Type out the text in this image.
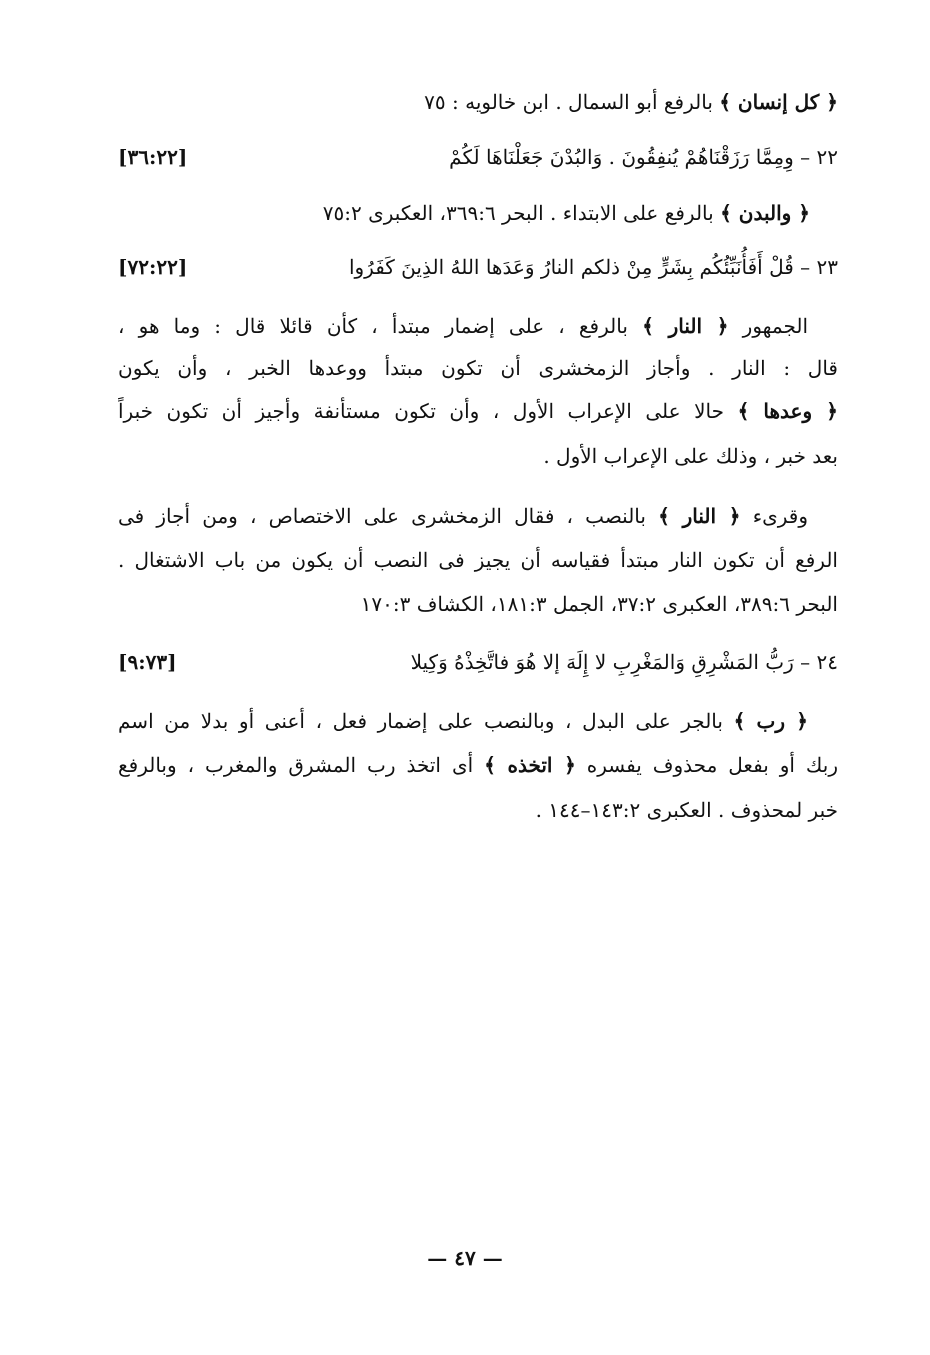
﴿ كل إنسان ﴾ بالرفع أبو السمال . ابن خالويه : ٧٥
٢٢ – وِمِمَّا رَزَقْنَاهُمْ يُنفِقُونَ . وَالبُدْنَ جَعَلْنَاهَا لَكُمْ
[٣٦:٢٢]
﴿ والبدن ﴾ بالرفع على الابتداء . البحر ٣٦٩:٦، العكبرى ٧٥:٢
٢٣ – قُلْ أَفَأُنَبِّئُكُم بِشَرٍّ مِنْ ذلكم النارُ وَعَدَها اللهُ الذِينَ كَفَرُوا
[٧٢:٢٢]
الجمهور ﴿ النار ﴾ بالرفع ، على إضمار مبتدأ ، كأن قائلا قال : وما هو ،
قال : النار . وأجاز الزمخشرى أن تكون مبتدأ ووعدها الخبر ، وأن يكون
﴿ وعدها ﴾ حالا على الإعراب الأول ، وأن تكون مستأنفة وأجيز أن تكون خبراً
بعد خبر ، وذلك على الإعراب الأول .
وقرىء ﴿ النار ﴾ بالنصب ، فقال الزمخشرى على الاختصاص ، ومن أجاز فى
الرفع أن تكون النار مبتدأ فقياسه أن يجيز فى النصب أن يكون من باب الاشتغال .
البحر ٣٨٩:٦، العكبرى ٣٧:٢، الجمل ١٨١:٣، الكشاف ١٧٠:٣
٢٤ – رَبُّ المَشْرِقِ وَالمَغْرِبِ لا إِلَهَ إلا هُوَ فاتَّخِذْهُ وَكِيلا
[٩:٧٣]
﴿ رب ﴾ بالجر على البدل ، وبالنصب على إضمار فعل ، أعنى أو بدلا من اسم
ربك أو بفعل محذوف يفسره ﴿ اتخذه ﴾ أى اتخذ رب المشرق والمغرب ، وبالرفع
خبر لمحذوف . العكبرى ١٤٣:٢–١٤٤ .
— ٤٧ —
